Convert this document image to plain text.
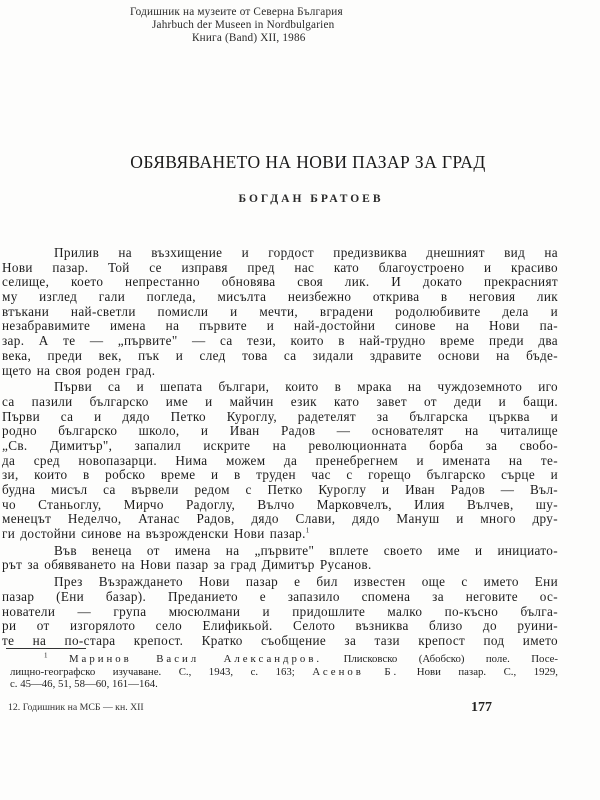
Годишник на музеите от Северна България
Jahrbuch der Museen in Nordbulgarien
Книга (Band) XII, 1986
ОБЯВЯВАНЕТО НА НОВИ ПАЗАР ЗА ГРАД
БОГДАН БРАТОЕВ
Прилив на възхищение и гордост предизвиква днешният вид на
Нови пазар. Той се изправя пред нас като благоустроено и красиво
селище, което непрестанно обновява своя лик. И докато прекрасният
му изглед гали погледа, мисълта неизбежно открива в неговия лик
втъкани най-светли помисли и мечти, вградени родолюбивите дела и
незабравимите имена на първите и най-достойни синове на Нови па-
зар. А те — „първите" — са тези, които в най-трудно време преди два
века, преди век, пък и след това са зидали здравите основи на бъде-
щето на своя роден град.
Първи са и шепата българи, които в мрака на чуждоземното иго
са пазили българско име и майчин език като завет от деди и бащи.
Първи са и дядо Петко Куроглу, радетелят за българска църква и
родно българско школо, и Иван Радов — основателят на читалище
„Св. Димитър", запалил искрите на революционната борба за свобо-
да сред новопазарци. Нима можем да пренебрегнем и имената на те-
зи, които в робско време и в труден час с горещо българско сърце и
будна мисъл са вървели редом с Петко Куроглу и Иван Радов — Въл-
чо Станьоглу, Мирчо Радоглу, Вълчо Марковчелъ, Илия Вълчев, шу-
менецът Неделчо, Атанас Радов, дядо Слави, дядо Мануш и много дру-
ги достойни синове на възрожденски Нови пазар.$^1$
Във венеца от имена на „първите" вплете своето име и инициато-
рът за обявяването на Нови пазар за град Димитър Русанов.
През Възраждането Нови пазар е бил известен още с името Ени
пазар (Ени базар). Преданието е запазило спомена за неговите ос-
нователи — група мюсюлмани и придошлите малко по-късно бълга-
ри от изгорялото село Елификьой. Селото възниква близо до руини-
те на по-стара крепост. Кратко съобщение за тази крепост под името
$^1$ Маринов Васил Александров. Плисковско (Абобско) поле. Посе-
лищно-географско изучаване. С., 1943, с. 163; Асенов Б. Нови пазар. С., 1929,
с. 45—46, 51, 58—60, 161—164.
12. Годишник на МСБ — кн. XII	177
